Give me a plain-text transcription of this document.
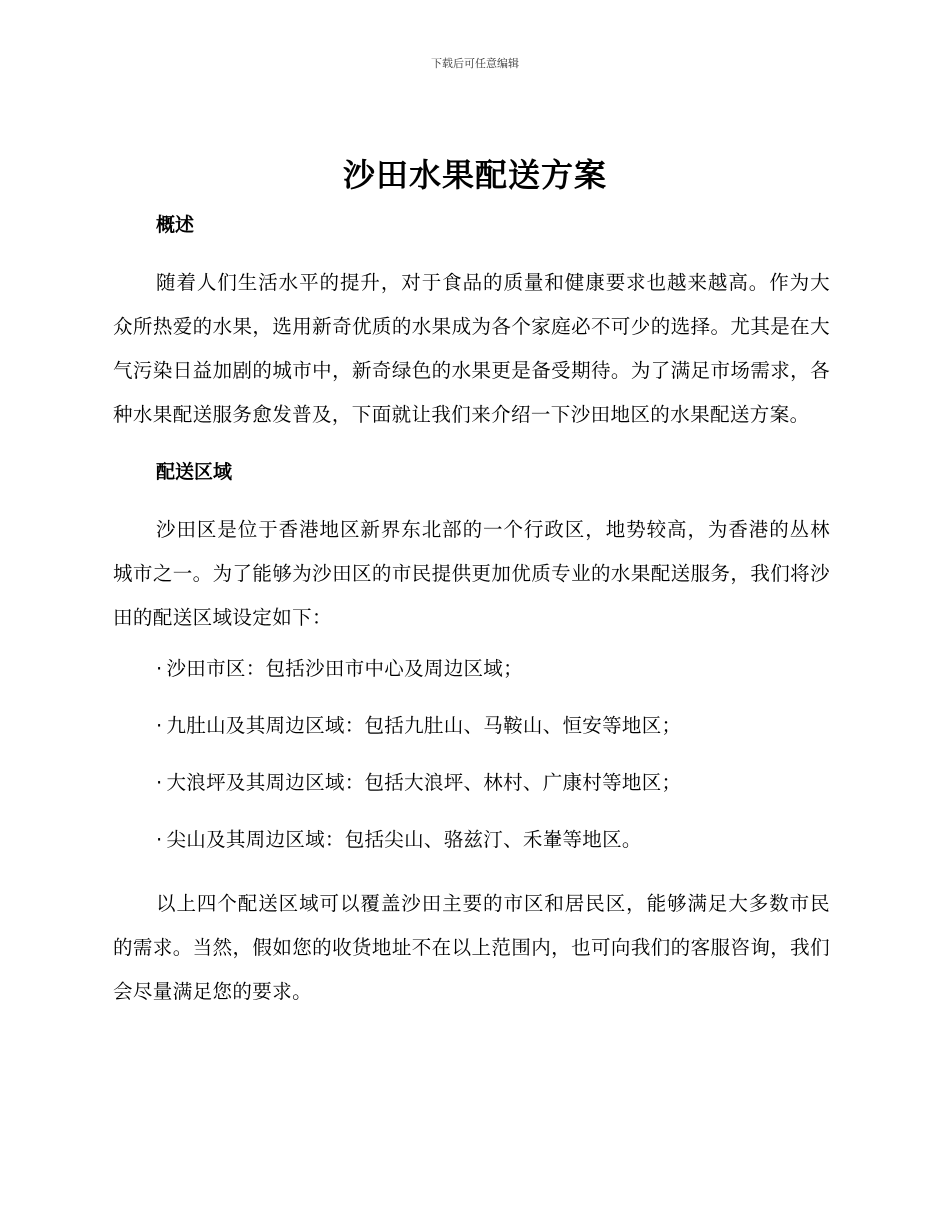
下载后可任意编辑
沙田水果配送方案
概述

随着人们生活水平的提升，对于食品的质量和健康要求也越来越高。作为大众所热爱的水果，选用新奇优质的水果成为各个家庭必不可少的选择。尤其是在大气污染日益加剧的城市中，新奇绿色的水果更是备受期待。为了满足市场需求，各种水果配送服务愈发普及，下面就让我们来介绍一下沙田地区的水果配送方案。

配送区域

沙田区是位于香港地区新界东北部的一个行政区，地势较高，为香港的丛林城市之一。为了能够为沙田区的市民提供更加优质专业的水果配送服务，我们将沙田的配送区域设定如下：

· 沙田市区：包括沙田市中心及周边区域；
· 九肚山及其周边区域：包括九肚山、马鞍山、恒安等地区；
· 大浪坪及其周边区域：包括大浪坪、林村、广康村等地区；
· 尖山及其周边区域：包括尖山、骆兹汀、禾輋等地区。

以上四个配送区域可以覆盖沙田主要的市区和居民区，能够满足大多数市民的需求。当然，假如您的收货地址不在以上范围内，也可向我们的客服咨询，我们会尽量满足您的要求。
